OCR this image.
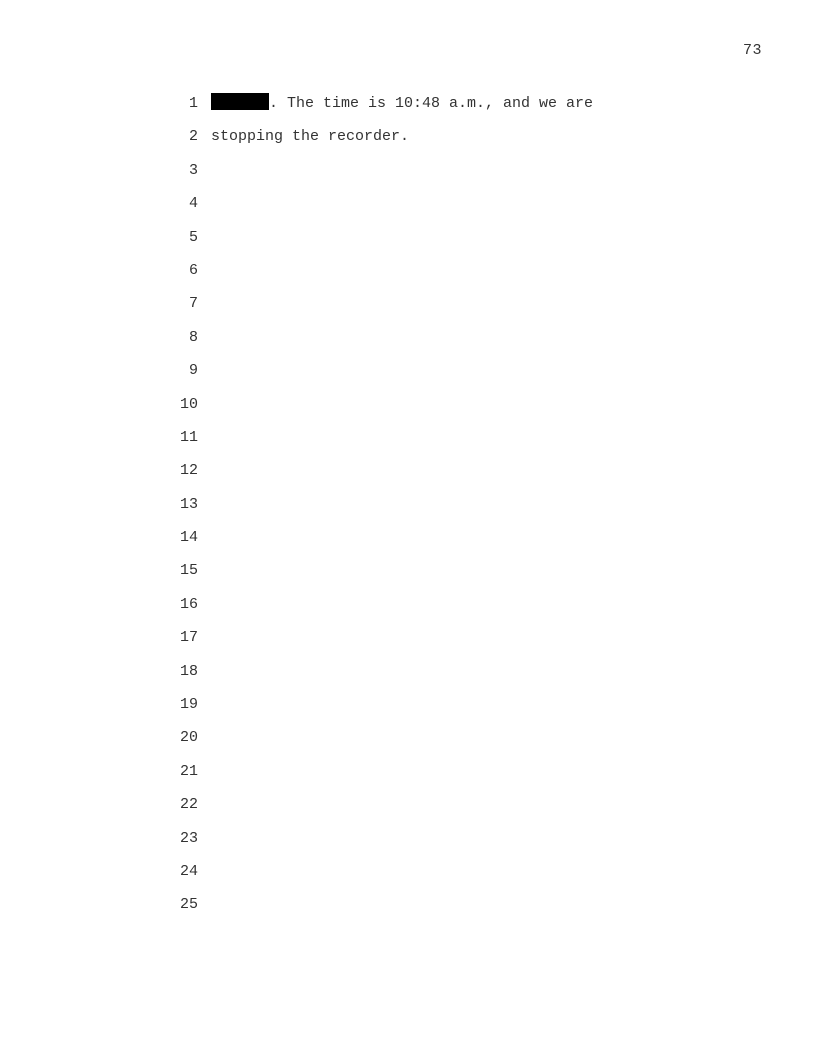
73
1	. The time is 10:48 a.m., and we are
2 stopping the recorder.
3
4
5
6
7
8
9
10
11
12
13
14
15
16
17
18
19
20
21
22
23
24
25
